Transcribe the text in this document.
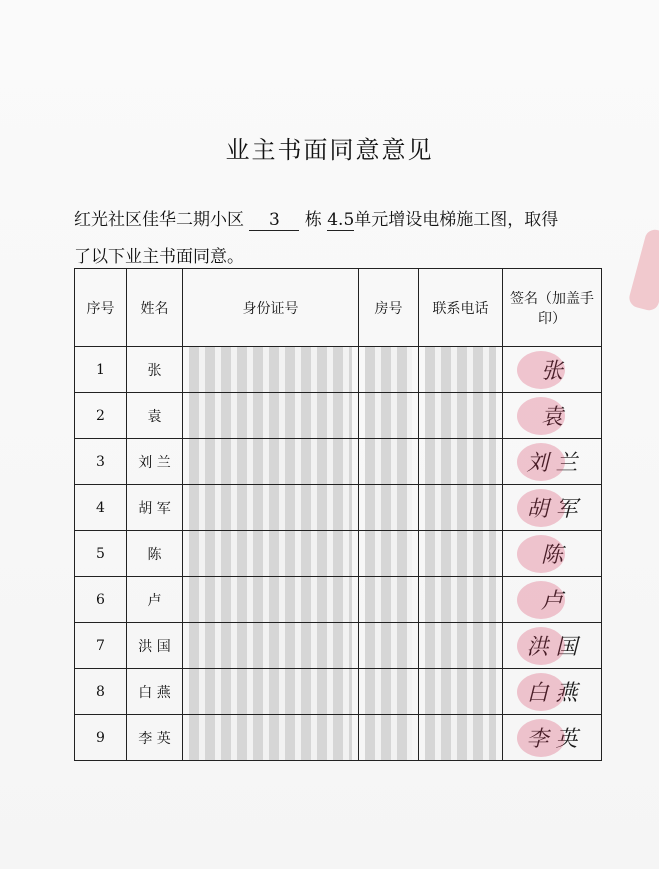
业主书面同意意见
红光社区佳华二期小区 3 栋 4.5单元增设电梯施工图，取得
了以下业主书面同意。
序号	姓名	身份证号	房号	联系电话	签名（加盖手印）
1	张				张

2	袁				袁

3	刘 兰				刘 兰

4	胡 军				胡 军

5	陈				陈

6	卢				卢

7	洪 国				洪 国

8	白 燕				白 燕

9	李 英				李 英
